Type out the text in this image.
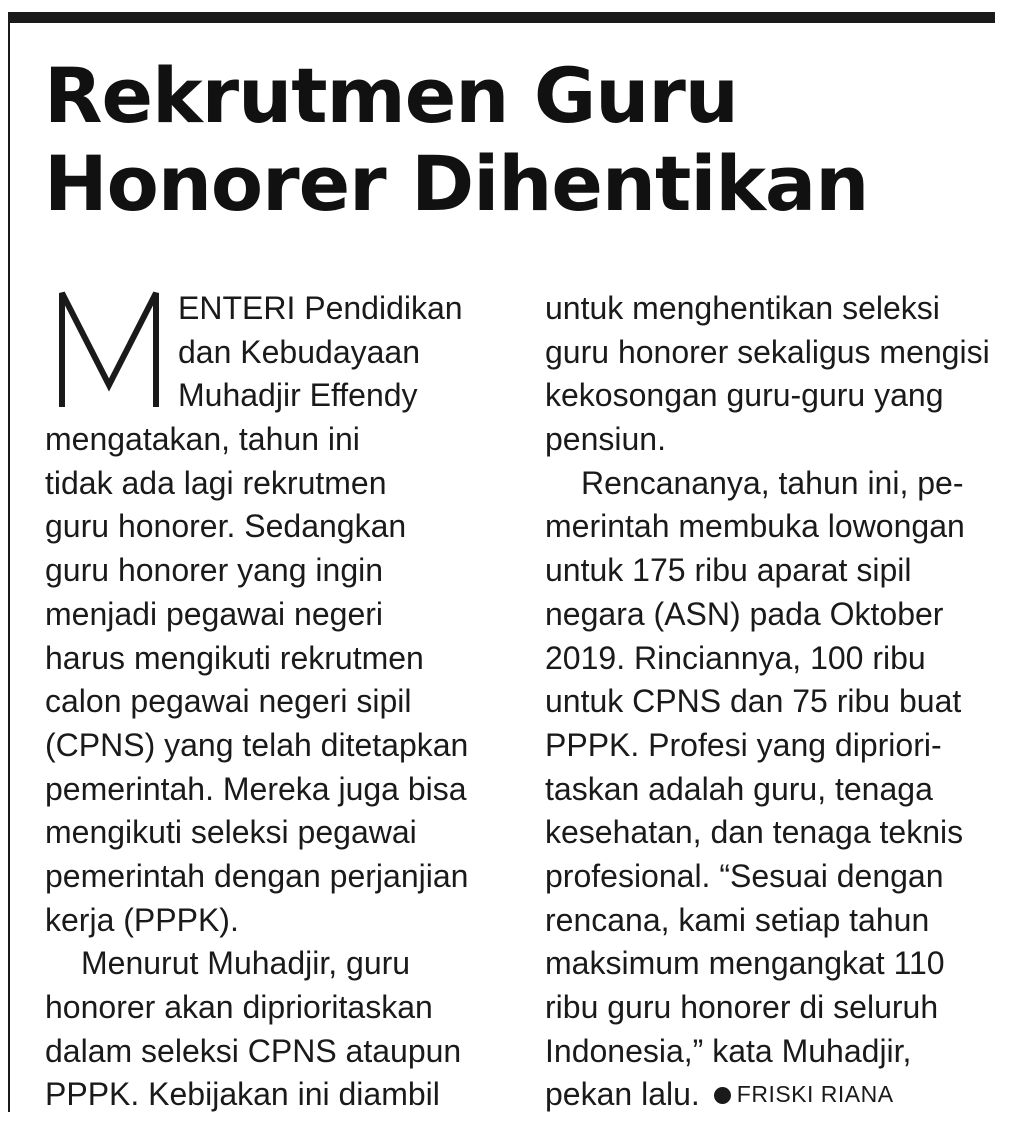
Rekrutmen Guru
Honorer Dihentikan
M
ENTERI Pendidikan
dan Kebudayaan
Muhadjir Effendy
mengatakan, tahun ini
tidak ada lagi rekrutmen
guru honorer. Sedangkan
guru honorer yang ingin
menjadi pegawai negeri
harus mengikuti rekrutmen
calon pegawai negeri sipil
(CPNS) yang telah ditetapkan
pemerintah. Mereka juga bisa
mengikuti seleksi pegawai
pemerintah dengan perjanjian
kerja (PPPK).
Menurut Muhadjir, guru
honorer akan diprioritaskan
dalam seleksi CPNS ataupun
PPPK. Kebijakan ini diambil
untuk menghentikan seleksi
guru honorer sekaligus mengisi
kekosongan guru-guru yang
pensiun.
Rencananya, tahun ini, pe-
merintah membuka lowongan
untuk 175 ribu aparat sipil
negara (ASN) pada Oktober
2019. Rinciannya, 100 ribu
untuk CPNS dan 75 ribu buat
PPPK. Profesi yang dipriori-
taskan adalah guru, tenaga
kesehatan, dan tenaga teknis
profesional. “Sesuai dengan
rencana, kami setiap tahun
maksimum mengangkat 110
ribu guru honorer di seluruh
Indonesia,” kata Muhadjir,
pekan lalu. FRISKI RIANA
